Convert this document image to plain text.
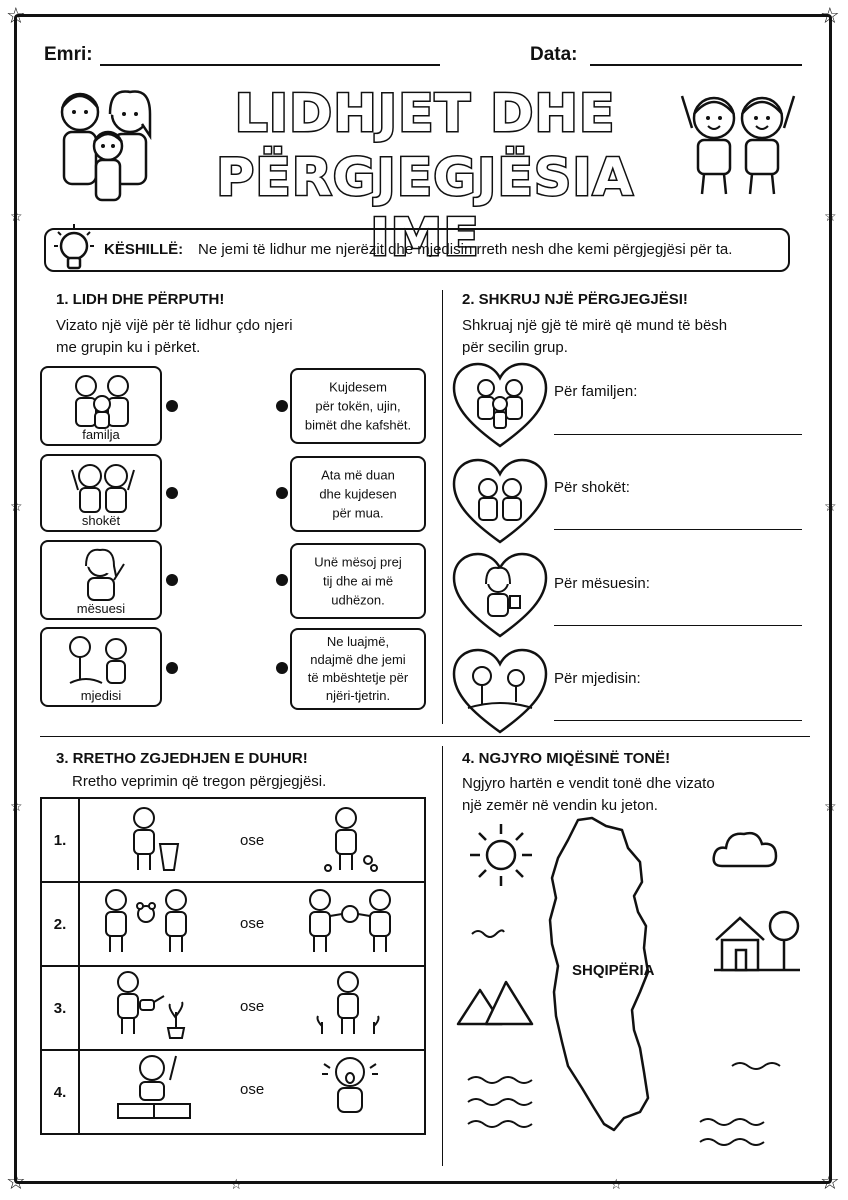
☆	☆
☆	☆
☆	☆
☆	☆
☆	☆
☆	☆
Emri:	Data:
LIDHJET DHE
PËRGJEGJËSIA IME
KËSHILLË: Ne jemi të lidhur me njerëzit dhe mjedisin rreth nesh dhe kemi përgjegjësi për ta.
1. LIDH DHE PËRPUTH!
Vizato një vijë për të lidhur çdo njeri
me grupin ku i përket.
familja
shokët
mësuesi
mjedisi
Kujdesem
për tokën, ujin,
bimët dhe kafshët.
Ata më duan
dhe kujdesen
për mua.
Unë mësoj prej
tij dhe ai më
udhëzon.
Ne luajmë,
ndajmë dhe jemi
të mbështetje për
njëri-tjetrin.
2. SHKRUJ NJË PËRGJEGJËSI!
Shkruaj një gjë të mirë që mund të bësh
për secilin grup.
Për familjen:
Për shokët:
Për mësuesin:
Për mjedisin:
3. RRETHO ZGJEDHJEN E DUHUR!
Rretho veprimin që tregon përgjegjësi.
1.	
2.	
3.	
4.	
ose
ose
ose
ose
4. NGJYRO MIQËSINË TONË!
Ngjyro hartën e vendit tonë dhe vizato
një zemër në vendin ku jeton.
SHQIPËRIA
